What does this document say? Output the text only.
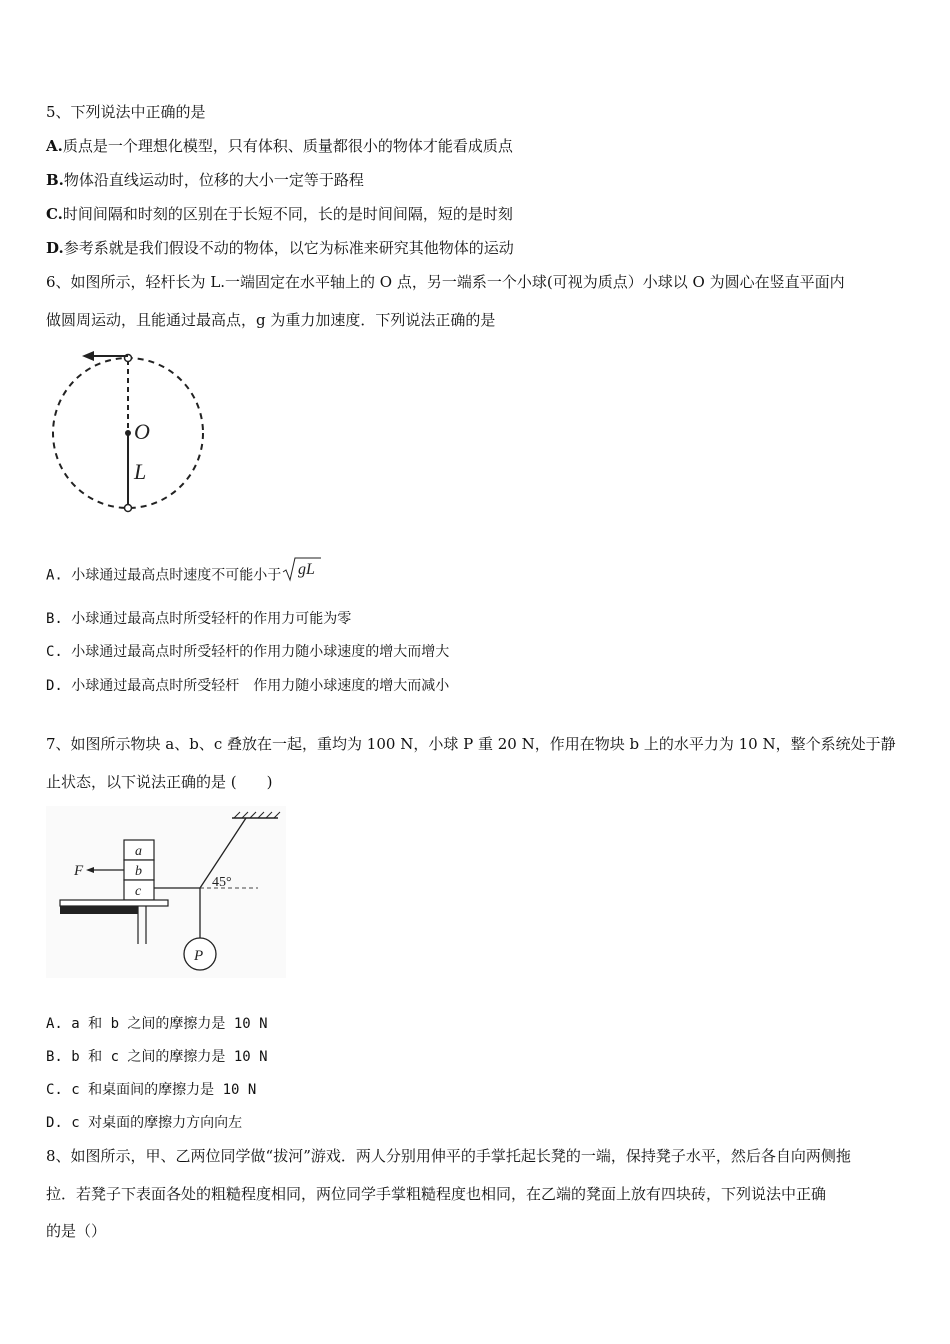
5、下列说法中正确的是
A.质点是一个理想化模型，只有体积、质量都很小的物体才能看成质点
B.物体沿直线运动时，位移的大小一定等于路程
C.时间间隔和时刻的区别在于长短不同，长的是时间间隔，短的是时刻
D.参考系就是我们假设不动的物体，以它为标准来研究其他物体的运动
6、如图所示，轻杆长为 L.一端固定在水平轴上的 O 点，另一端系一个小球(可视为质点）小球以 O 为圆心在竖直平面内
做圆周运动，且能通过最高点，g 为重力加速度．下列说法正确的是
O
L
A. 小球通过最高点时速度不可能小于 gL
B. 小球通过最高点时所受轻杆的作用力可能为零
C. 小球通过最高点时所受轻杆的作用力随小球速度的增大而增大
D. 小球通过最高点时所受轻杆　作用力随小球速度的增大而减小
7、如图所示物块 a、b、c 叠放在一起，重均为 100 N，小球 P 重 20 N，作用在物块 b 上的水平力为 10 N，整个系统处于静
止状态，以下说法正确的是 (　　)
P
45°
a
b
c
F
A. a 和 b 之间的摩擦力是 10 N
B. b 和 c 之间的摩擦力是 10 N
C. c 和桌面间的摩擦力是 10 N
D. c 对桌面的摩擦力方向向左
8、如图所示，甲、乙两位同学做“拔河”游戏．两人分别用伸平的手掌托起长凳的一端，保持凳子水平，然后各自向两侧拖
拉．若凳子下表面各处的粗糙程度相同，两位同学手掌粗糙程度也相同，在乙端的凳面上放有四块砖，下列说法中正确
的是（）
